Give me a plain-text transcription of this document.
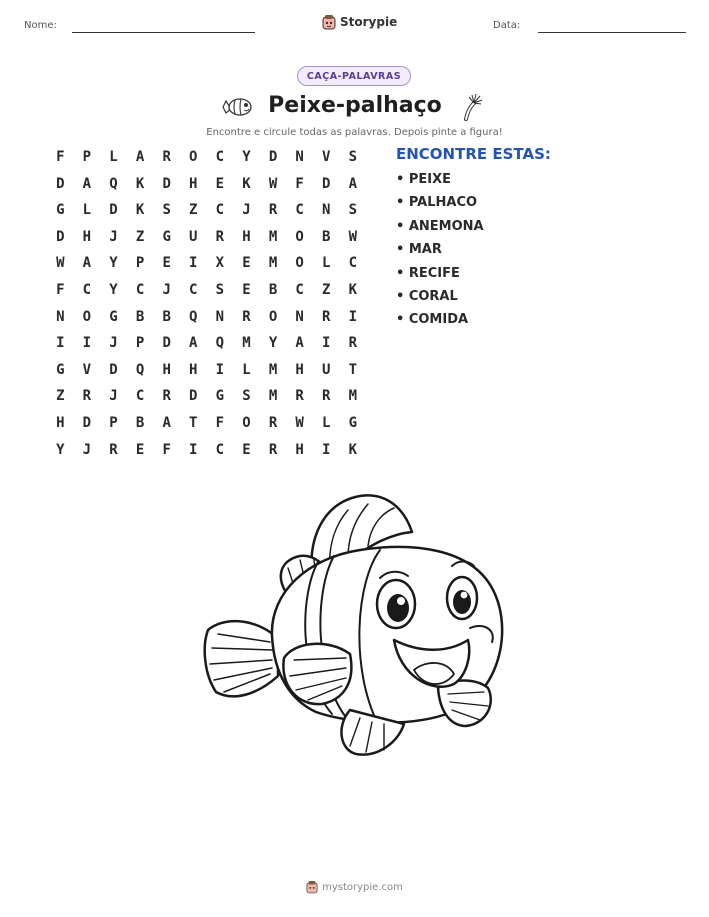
Nome:	Storypie	Data:
CAÇA-PALAVRAS
Peixe-palhaço
Encontre e circule todas as palavras. Depois pinte a figura!
F	P	L	A	R	O	C	Y	D	N	V	S
D	A	Q	K	D	H	E	K	W	F	D	A
G	L	D	K	S	Z	C	J	R	C	N	S
D	H	J	Z	G	U	R	H	M	O	B	W
W	A	Y	P	E	I	X	E	M	O	L	C
F	C	Y	C	J	C	S	E	B	C	Z	K
N	O	G	B	B	Q	N	R	O	N	R	I
I	I	J	P	D	A	Q	M	Y	A	I	R
G	V	D	Q	H	H	I	L	M	H	U	T
Z	R	J	C	R	D	G	S	M	R	R	M
H	D	P	B	A	T	F	O	R	W	L	G
Y	J	R	E	F	I	C	E	R	H	I	K
ENCONTRE ESTAS:
• PEIXE
• PALHACO
• ANEMONA
• MAR
• RECIFE
• CORAL
• COMIDA
mystorypie.com
